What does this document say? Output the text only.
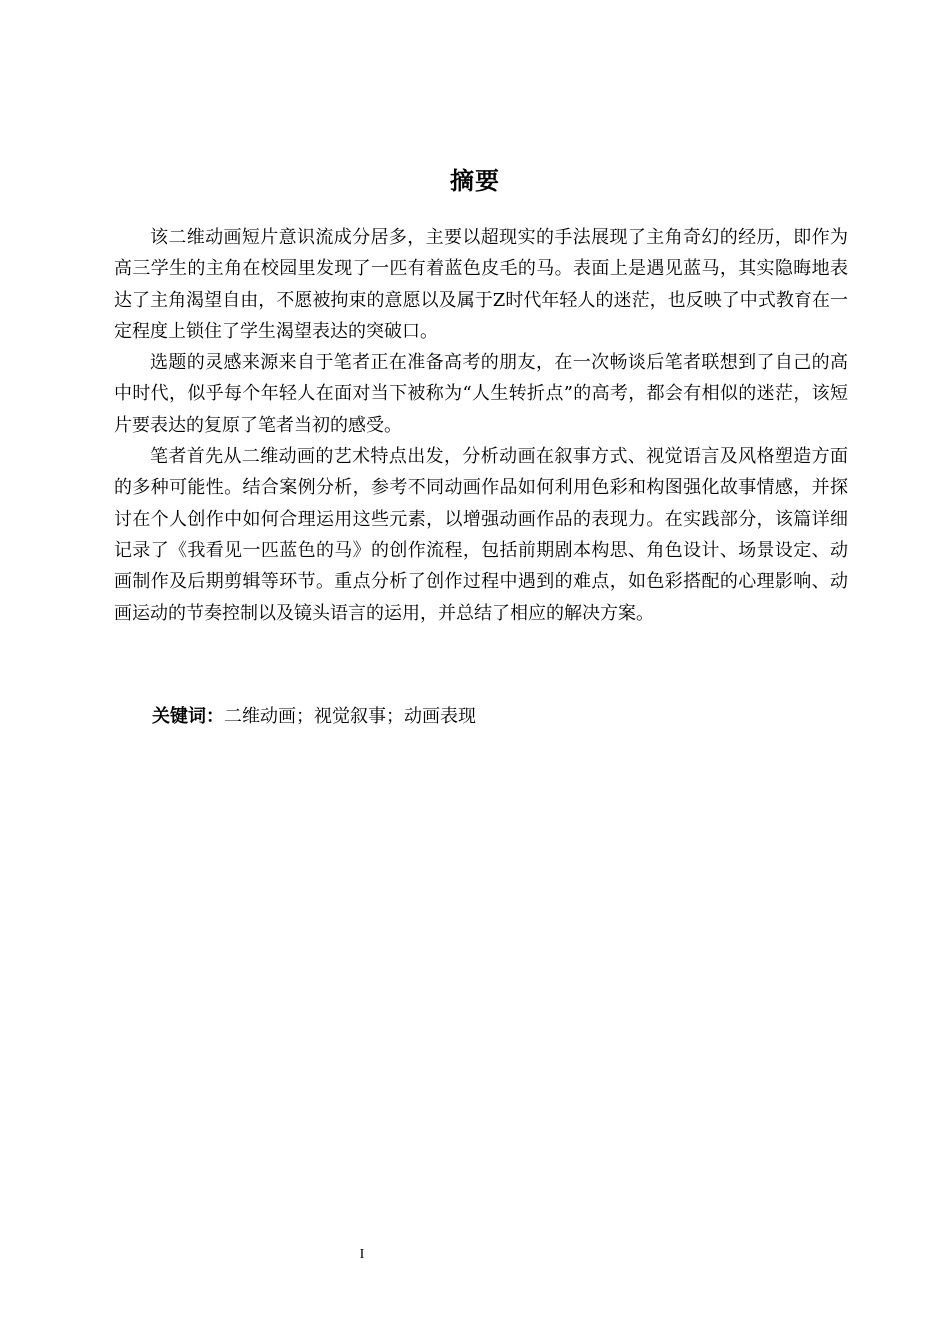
摘要

该二维动画短片意识流成分居多，主要以超现实的手法展现了主角奇幻的经历，即作为高三学生的主角在校园里发现了一匹有着蓝色皮毛的马。表面上是遇见蓝马，其实隐晦地表达了主角渴望自由，不愿被拘束的意愿以及属于Z时代年轻人的迷茫，也反映了中式教育在一定程度上锁住了学生渴望表达的突破口。

选题的灵感来源来自于笔者正在准备高考的朋友，在一次畅谈后笔者联想到了自己的高中时代，似乎每个年轻人在面对当下被称为“人生转折点”的高考，都会有相似的迷茫，该短片要表达的复原了笔者当初的感受。

笔者首先从二维动画的艺术特点出发，分析动画在叙事方式、视觉语言及风格塑造方面的多种可能性。结合案例分析，参考不同动画作品如何利用色彩和构图强化故事情感，并探讨在个人创作中如何合理运用这些元素，以增强动画作品的表现力。在实践部分，该篇详细记录了《我看见一匹蓝色的马》的创作流程，包括前期剧本构思、角色设计、场景设定、动画制作及后期剪辑等环节。重点分析了创作过程中遇到的难点，如色彩搭配的心理影响、动画运动的节奏控制以及镜头语言的运用，并总结了相应的解决方案。

关键词：二维动画；视觉叙事；动画表现
I
